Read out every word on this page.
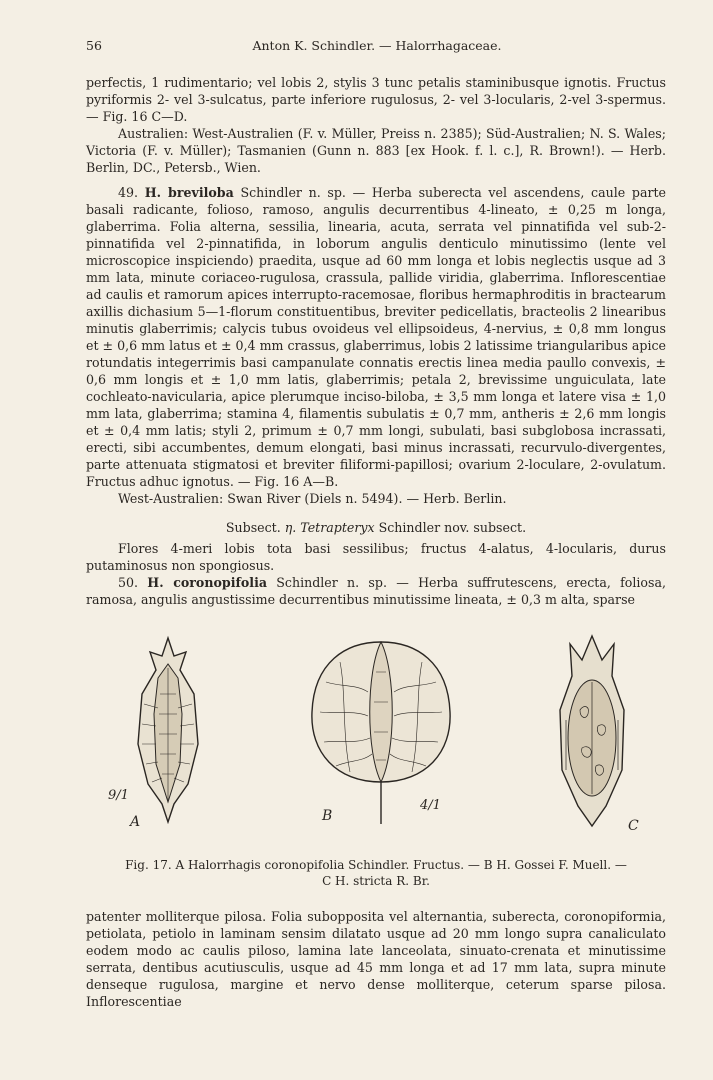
56	Anton K. Schindler. — Halorrhagaceae.

perfectis, 1 rudimentario; vel lobis 2, stylis 3 tunc petalis staminibusque ignotis. Fructus pyriformis 2- vel 3-sulcatus, parte inferiore rugulosus, 2- vel 3-locularis, 2-vel 3-spermus. — Fig. 16 C—D.

Australien: West-Australien (F. v. Müller, Preiss n. 2385); Süd-Australien; N. S. Wales; Victoria (F. v. Müller); Tasmanien (Gunn n. 883 [ex Hook. f. l. c.], R. Brown!). — Herb. Berlin, DC., Petersb., Wien.

49. H. breviloba Schindler n. sp. — Herba suberecta vel ascendens, caule parte basali radicante, folioso, ramoso, angulis decurrentibus 4-lineato, ± 0,25 m longa, glaberrima. Folia alterna, sessilia, linearia, acuta, serrata vel pinnatifida vel sub-2-pinnatifida vel 2-pinnatifida, in loborum angulis denticulo minutissimo (lente vel microscopice inspiciendo) praedita, usque ad 60 mm longa et lobis neglectis usque ad 3 mm lata, minute coriaceo-rugulosa, crassula, pallide viridia, glaberrima. Inflorescentiae ad caulis et ramorum apices interrupto-racemosae, floribus hermaphroditis in bractearum axillis dichasium 5—1-florum constituentibus, breviter pedicellatis, bracteolis 2 linearibus minutis glaberrimis; calycis tubus ovoideus vel ellipsoideus, 4-nervius, ± 0,8 mm longus et ± 0,6 mm latus et ± 0,4 mm crassus, glaberrimus, lobis 2 latissime triangularibus apice rotundatis integerrimis basi campanulate connatis erectis linea media paullo convexis, ± 0,6 mm longis et ± 1,0 mm latis, glaberrimis; petala 2, brevissime unguiculata, late cochleato-navicularia, apice plerumque inciso-biloba, ± 3,5 mm longa et latere visa ± 1,0 mm lata, glaberrima; stamina 4, filamentis subulatis ± 0,7 mm, antheris ± 2,6 mm longis et ± 0,4 mm latis; styli 2, primum ± 0,7 mm longi, subulati, basi subglobosa incrassati, erecti, sibi accumbentes, demum elongati, basi minus incrassati, recurvulo-divergentes, parte attenuata stigmatosi et breviter filiformi-papillosi; ovarium 2-loculare, 2-ovulatum. Fructus adhuc ignotus. — Fig. 16 A—B.

West-Australien: Swan River (Diels n. 5494). — Herb. Berlin.

Subsect. η. Tetrapteryx Schindler nov. subsect.

Flores 4-meri lobis tota basi sessilibus; fructus 4-alatus, 4-locularis, durus putaminosus non spongiosus.

50. H. coronopifolia Schindler n. sp. — Herba suffrutescens, erecta, foliosa, ramosa, angulis angustissime decurrentibus minutissime lineata, ± 0,3 m alta, sparse

9/1
A	B
4/1
C
Fig. 17. A Halorrhagis coronopifolia Schindler. Fructus. — B H. Gossei F. Muell. —
C H. stricta R. Br.

patenter molliterque pilosa. Folia subopposita vel alternantia, suberecta, coronopiformia, petiolata, petiolo in laminam sensim dilatato usque ad 20 mm longo supra canaliculato eodem modo ac caulis piloso, lamina late lanceolata, sinuato-crenata et minutissime serrata, dentibus acutiusculis, usque ad 45 mm longa et ad 17 mm lata, supra minute denseque rugulosa, margine et nervo dense molliterque, ceterum sparse pilosa. Inflorescentiae
